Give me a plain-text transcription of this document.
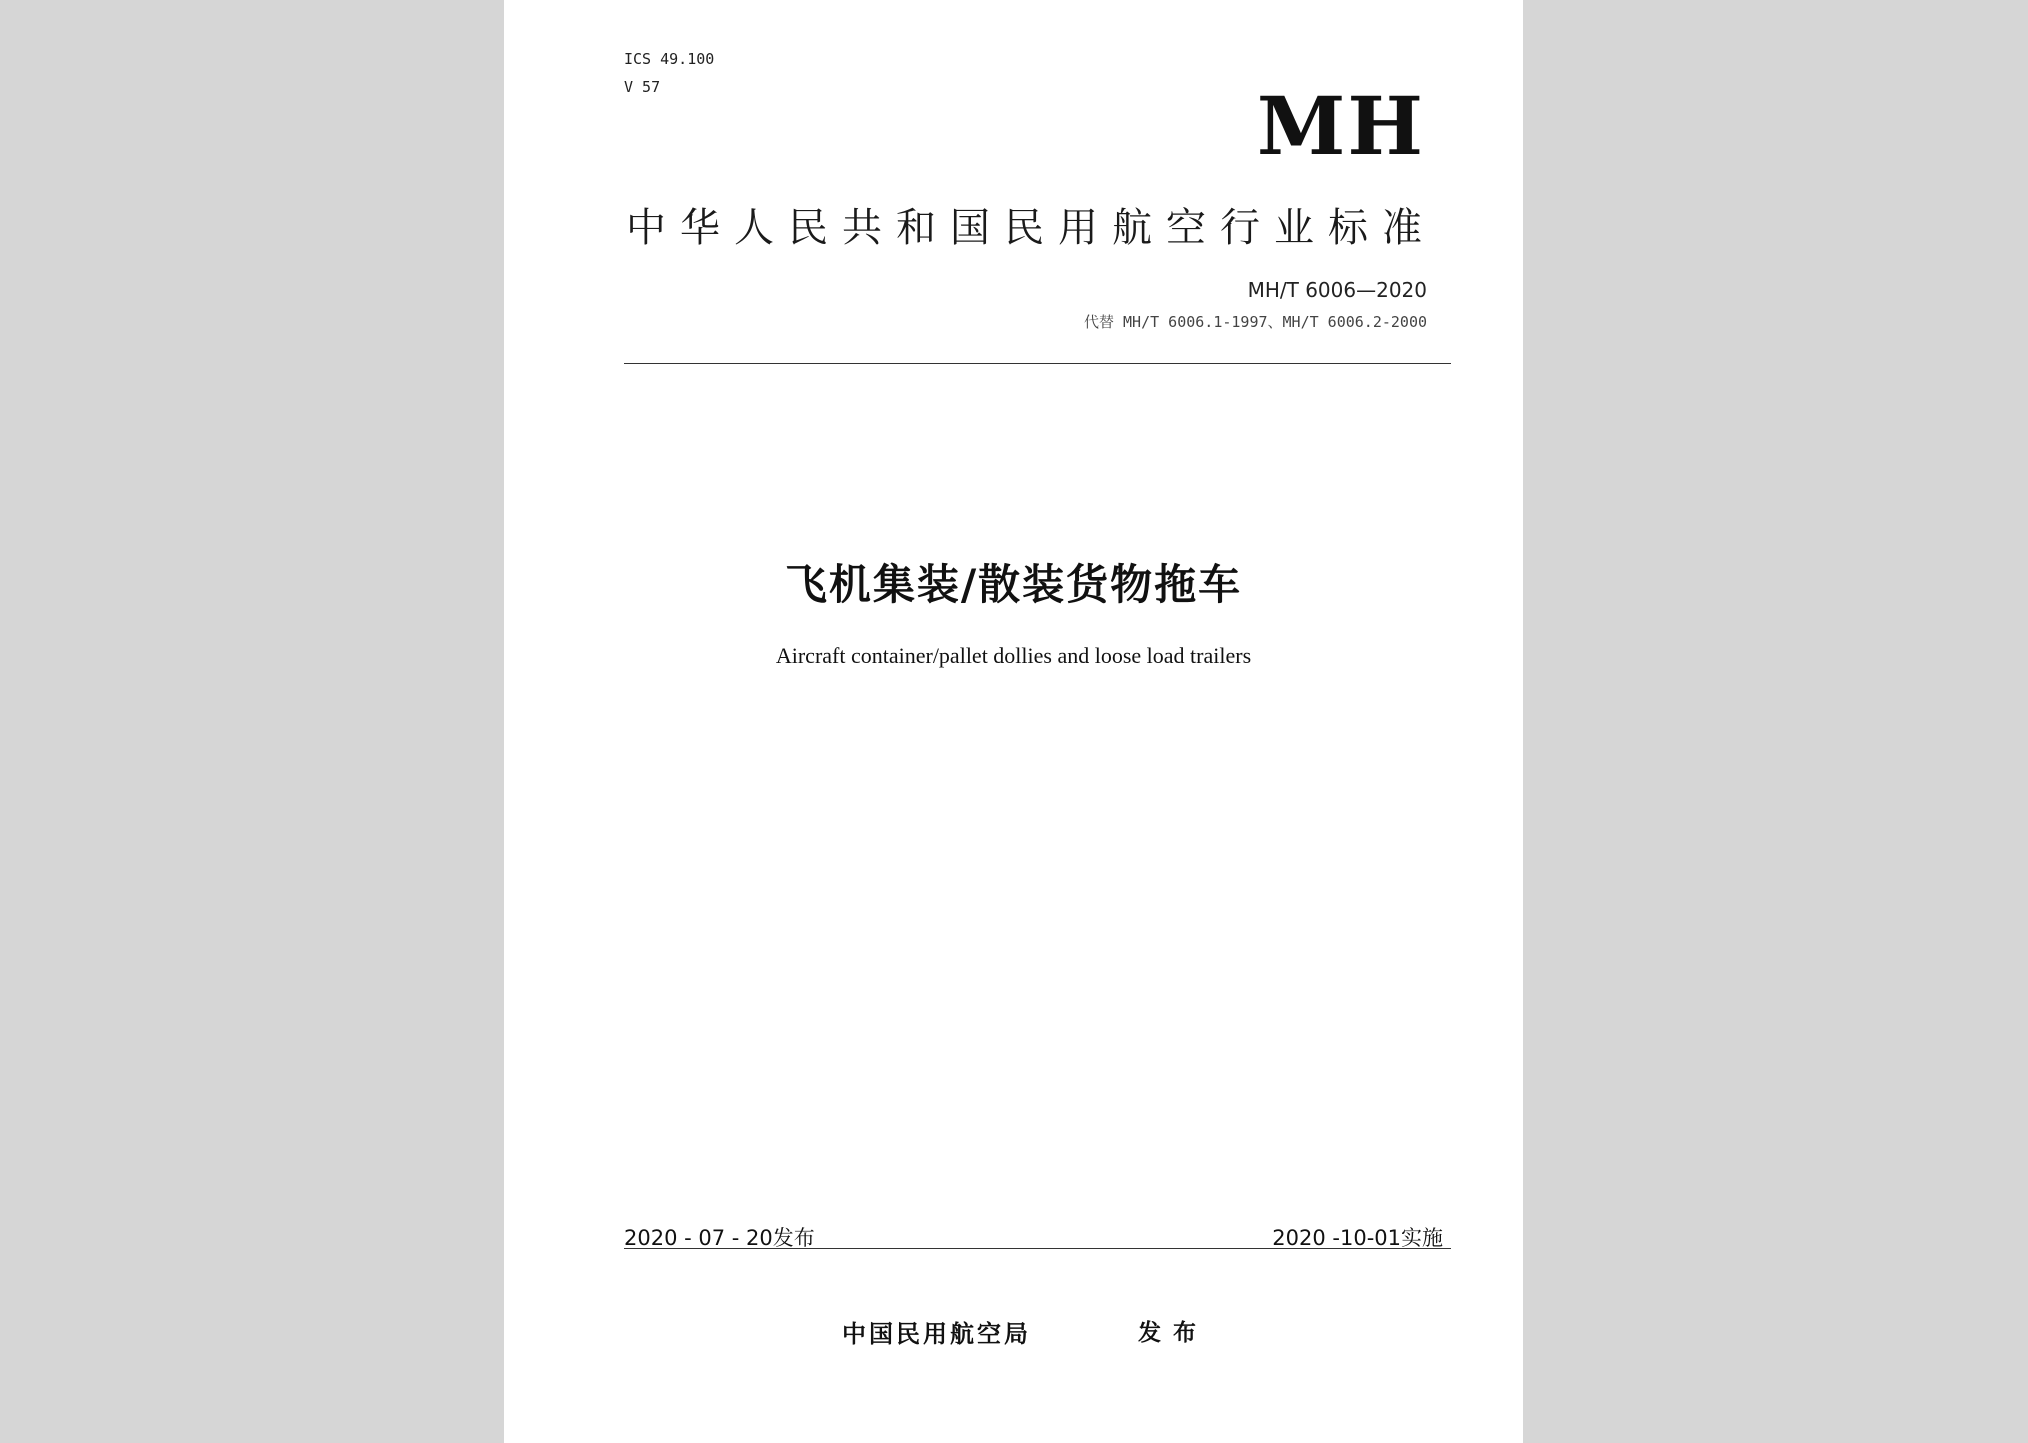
ICS 49.100
V 57	MH
中华人民共和国民用航空行业标准
MH/T 6006—2020
代替 MH/T 6006.1-1997、MH/T 6006.2-2000
飞机集装/散装货物拖车
Aircraft container/pallet dollies and loose load trailers
2020 - 07 - 20发布	2020 -10-01实施
中国民用航空局	发布
